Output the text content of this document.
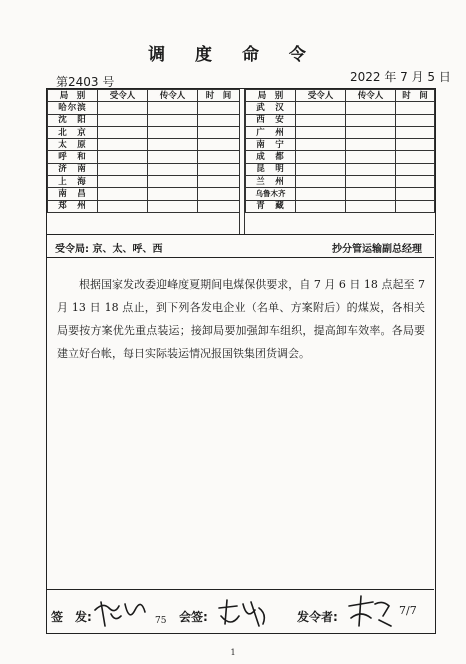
调 度 命 令
第2403 号	2022 年 7 月 5 日
局　别	受令人	传令人	时　间
哈尔滨			
沈　阳			
北　京			
太　原			
呼　和			
济　南			
上　海			
南　昌			
郑　州			
局　别	受令人	传令人	时　间
武　汉			
西　安			
广　州			
南　宁			
成　都			
昆　明			
兰　州			
乌鲁木齐			
青　藏			
受令局: 京、太、呼、西	抄分管运输副总经理
根据国家发改委迎峰度夏期间电煤保供要求，自 7 月 6 日 18 点起至 7 月 13 日 18 点止，到下列各发电企业（名单、方案附后）的煤炭，各相关局要按方案优先重点装运；接卸局要加强卸车组织，提高卸车效率。各局要建立好台帐，每日实际装运情况报国铁集团货调会。
签　发:	75 会签:	发令者:	7/7
1
